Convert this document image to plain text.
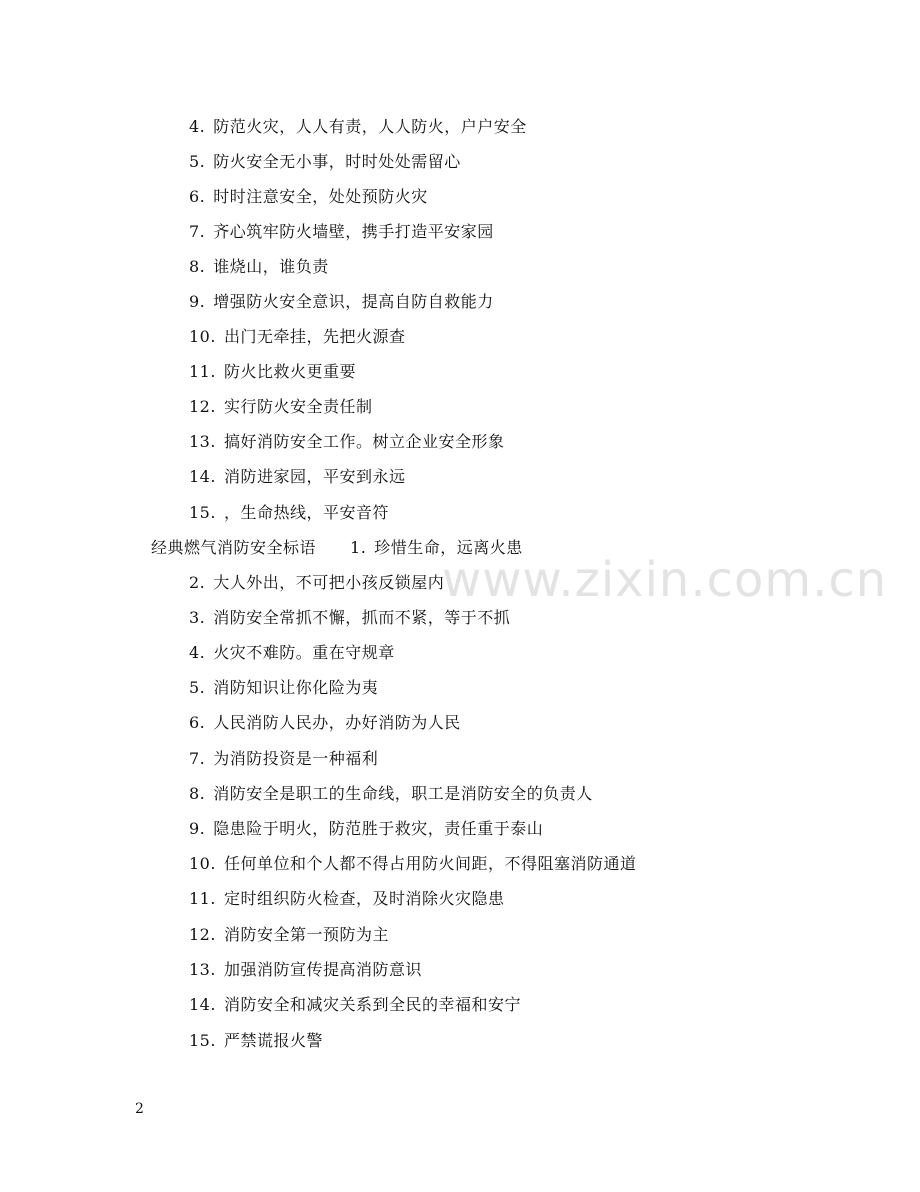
www.zixin.com.cn
4. 防范火灾，人人有责，人人防火，户户安全
5. 防火安全无小事，时时处处需留心
6. 时时注意安全，处处预防火灾
7. 齐心筑牢防火墙壁，携手打造平安家园
8. 谁烧山，谁负责
9. 增强防火安全意识，提高自防自救能力
10. 出门无牵挂，先把火源查
11. 防火比救火更重要
12. 实行防火安全责任制
13. 搞好消防安全工作。树立企业安全形象
14. 消防进家园，平安到永远
15. ，生命热线，平安音符
经典燃气消防安全标语 1. 珍惜生命，远离火患
2. 大人外出，不可把小孩反锁屋内
3. 消防安全常抓不懈，抓而不紧，等于不抓
4. 火灾不难防。重在守规章
5. 消防知识让你化险为夷
6. 人民消防人民办，办好消防为人民
7. 为消防投资是一种福利
8. 消防安全是职工的生命线，职工是消防安全的负责人
9. 隐患险于明火，防范胜于救灾，责任重于泰山
10. 任何单位和个人都不得占用防火间距，不得阻塞消防通道
11. 定时组织防火检查，及时消除火灾隐患
12. 消防安全第一预防为主
13. 加强消防宣传提高消防意识
14. 消防安全和减灾关系到全民的幸福和安宁
15. 严禁谎报火警
2
